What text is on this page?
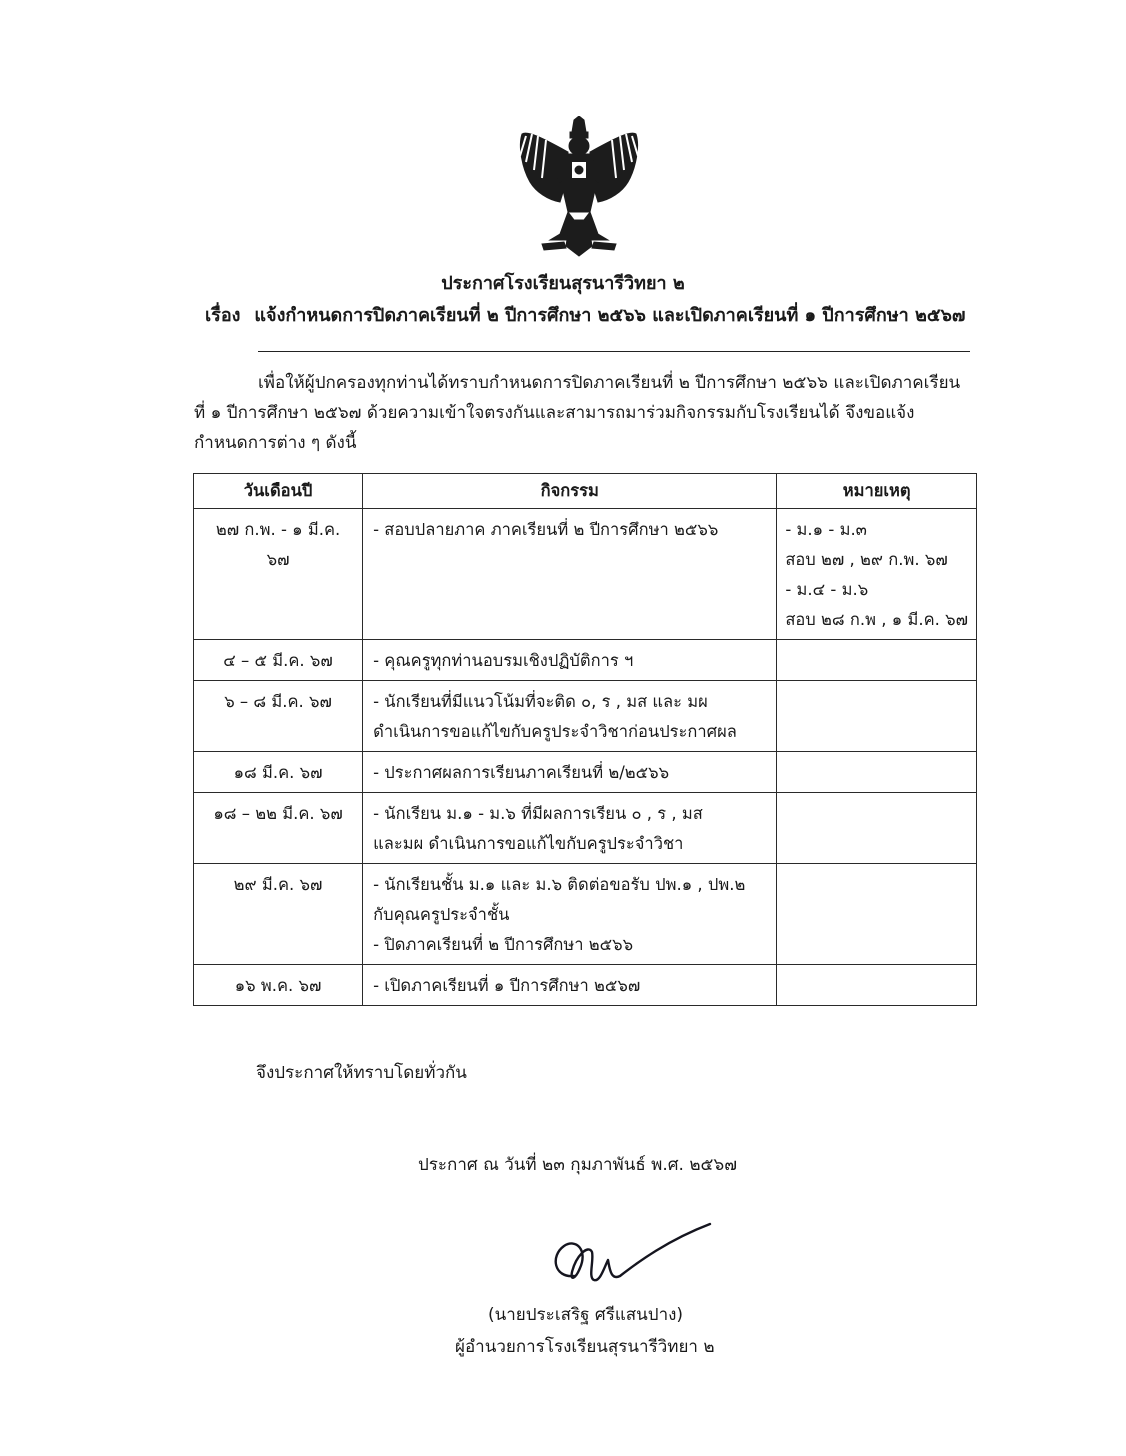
ประกาศโรงเรียนสุรนารีวิทยา ๒
เรื่อง แจ้งกำหนดการปิดภาคเรียนที่ ๒ ปีการศึกษา ๒๕๖๖ และเปิดภาคเรียนที่ ๑ ปีการศึกษา ๒๕๖๗
เพื่อให้ผู้ปกครองทุกท่านได้ทราบกำหนดการปิดภาคเรียนที่ ๒ ปีการศึกษา ๒๕๖๖ และเปิดภาคเรียน
ที่ ๑ ปีการศึกษา ๒๕๖๗ ด้วยความเข้าใจตรงกันและสามารถมาร่วมกิจกรรมกับโรงเรียนได้ จึงขอแจ้ง
กำหนดการต่าง ๆ ดังนี้
วันเดือนปี	กิจกรรม	หมายเหตุ
๒๗ ก.พ. - ๑ มี.ค. ๖๗	- สอบปลายภาค ภาคเรียนที่ ๒ ปีการศึกษา ๒๕๖๖	- ม.๑ - ม.๓
สอบ ๒๗ , ๒๙ ก.พ. ๖๗
- ม.๔ - ม.๖
สอบ ๒๘ ก.พ , ๑ มี.ค. ๖๗

๔ – ๕ มี.ค. ๖๗	- คุณครูทุกท่านอบรมเชิงปฏิบัติการ ฯ	

๖ – ๘ มี.ค. ๖๗	- นักเรียนที่มีแนวโน้มที่จะติด ๐, ร , มส และ มผ
ดำเนินการขอแก้ไขกับครูประจำวิชาก่อนประกาศผล	

๑๘ มี.ค. ๖๗	- ประกาศผลการเรียนภาคเรียนที่ ๒/๒๕๖๖	

๑๘ – ๒๒ มี.ค. ๖๗	- นักเรียน ม.๑ - ม.๖ ที่มีผลการเรียน ๐ , ร , มส
และมผ ดำเนินการขอแก้ไขกับครูประจำวิชา	

๒๙ มี.ค. ๖๗	- นักเรียนชั้น ม.๑ และ ม.๖ ติดต่อขอรับ ปพ.๑ , ปพ.๒
กับคุณครูประจำชั้น
- ปิดภาคเรียนที่ ๒ ปีการศึกษา ๒๕๖๖	

๑๖ พ.ค. ๖๗	- เปิดภาคเรียนที่ ๑ ปีการศึกษา ๒๕๖๗	

จึงประกาศให้ทราบโดยทั่วกัน
ประกาศ ณ วันที่ ๒๓ กุมภาพันธ์ พ.ศ. ๒๕๖๗
(นายประเสริฐ ศรีแสนปาง)
ผู้อำนวยการโรงเรียนสุรนารีวิทยา ๒
